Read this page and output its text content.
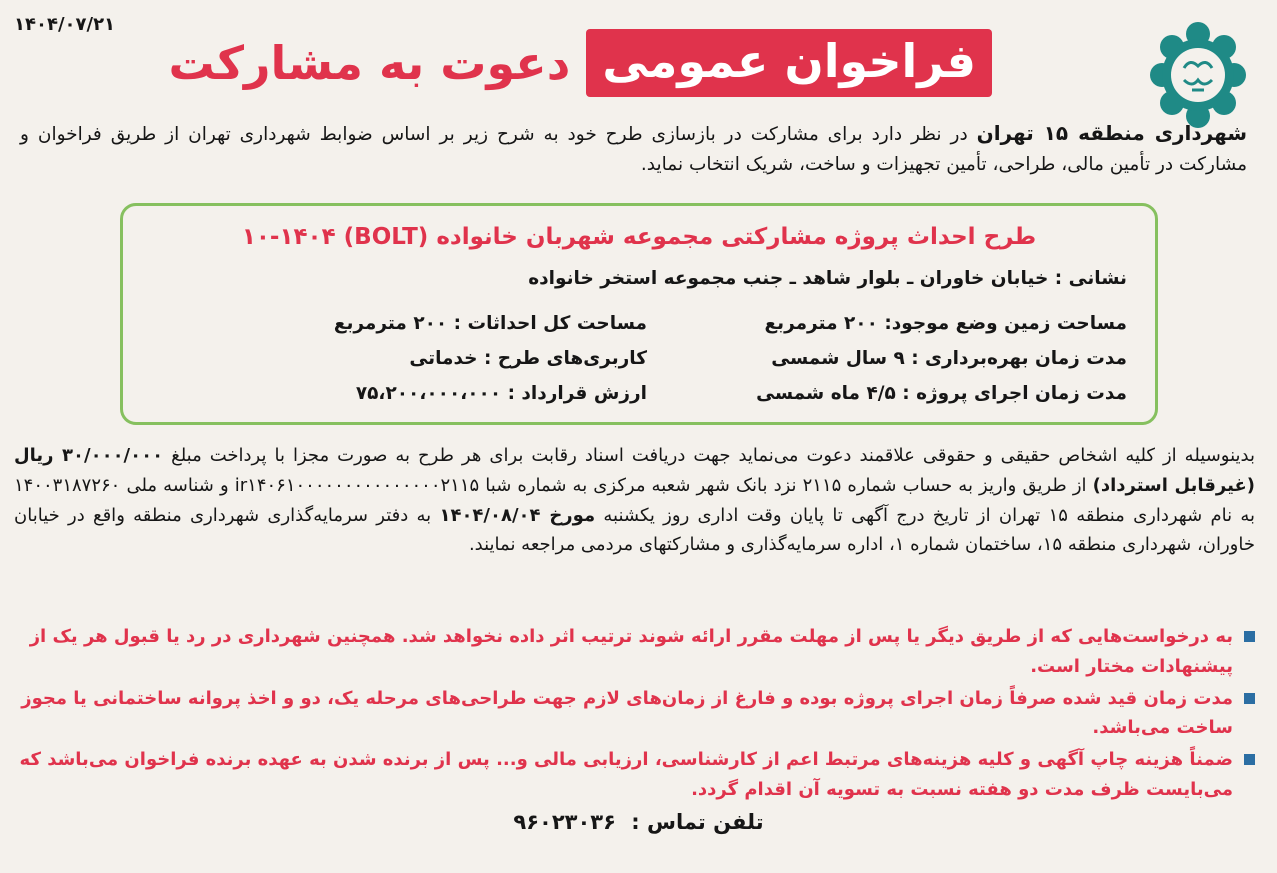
۱۴۰۴/۰۷/۲۱
فراخوان عمومی
دعوت به مشارکت
شهرداری منطقه ۱۵ تهران در نظر دارد برای مشارکت در بازسازی طرح خود به شرح زیر بر اساس ضوابط شهرداری تهران از طریق فراخوان و مشارکت در تأمین مالی، طراحی، تأمین تجهیزات و ساخت، شریک انتخاب نماید.
طرح احداث پروژه مشارکتی مجموعه شهربان خانواده (BOLT) ۱۰-۱۴۰۴
نشانی : خیابان خاوران ـ بلوار شاهد ـ جنب مجموعه استخر خانواده
مساحت زمین وضع موجود: ۲۰۰ مترمربع
مساحت کل احداثات : ۲۰۰ مترمربع
مدت زمان بهره‌برداری : ۹ سال شمسی
کاربری‌های طرح : خدماتی
مدت زمان اجرای پروژه : ۴/۵ ماه شمسی
ارزش قرارداد : ۷۵،۲۰۰،۰۰۰،۰۰۰
بدینوسیله از کلیه اشخاص حقیقی و حقوقی علاقمند دعوت می‌نماید جهت دریافت اسناد رقابت برای هر طرح به صورت مجزا با پرداخت مبلغ ۳۰/۰۰۰/۰۰۰ ریال (غیرقابل استرداد) از طریق واریز به حساب شماره ۲۱۱۵ نزد بانک شهر شعبه مرکزی به شماره شبا ir۱۴۰۶۱۰۰۰۰۰۰۰۰۰۰۰۰۰۰۰۲۱۱۵ و شناسه ملی ۱۴۰۰۳۱۸۷۲۶۰ به نام شهرداری منطقه ۱۵ تهران از تاریخ درج آگهی تا پایان وقت اداری روز یکشنبه مورخ ۱۴۰۴/۰۸/۰۴ به دفتر سرمایه‌گذاری شهرداری منطقه واقع در خیابان خاوران، شهرداری منطقه ۱۵، ساختمان شماره ۱، اداره سرمایه‌گذاری و مشارکتهای مردمی مراجعه نمایند.
به درخواست‌هایی که از طریق دیگر یا پس از مهلت مقرر ارائه شوند ترتیب اثر داده نخواهد شد. همچنین شهرداری در رد یا قبول هر یک از پیشنهادات مختار است.
مدت زمان قید شده صرفاً زمان اجرای پروژه بوده و فارغ از زمان‌های لازم جهت طراحی‌های مرحله یک، دو و اخذ پروانه ساختمانی یا مجوز ساخت می‌باشد.
ضمناً هزینه چاپ آگهی و کلیه هزینه‌های مرتبط اعم از کارشناسی، ارزیابی مالی و... پس از برنده شدن به عهده برنده فراخوان می‌باشد که می‌بایست ظرف مدت دو هفته نسبت به تسویه آن اقدام گردد.
تلفن تماس : ۹۶۰۲۳۰۳۶
